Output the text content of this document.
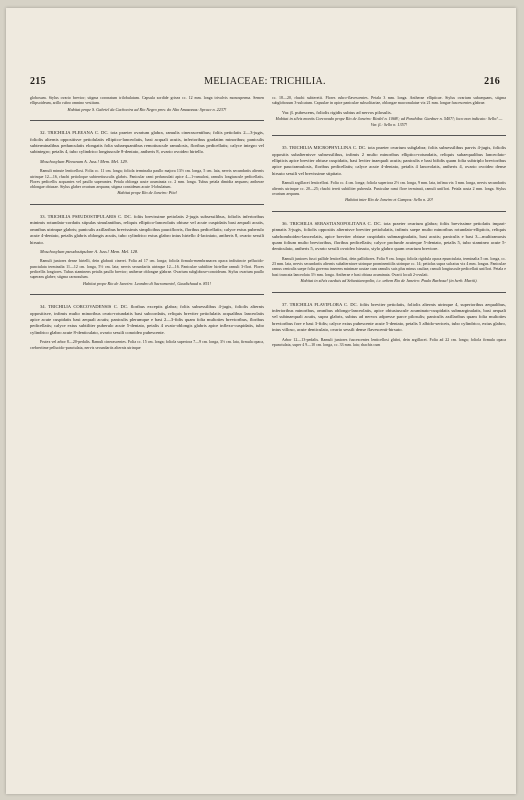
215	MELIACEAE: TRICHILIA.	216

globosum. Stylus ovario brevior; stigma coronatum trilobulatum. Capsula sordide grisea cc. 12 mm. longa trivalvis monosperma. Semen ellipsoideum, arillo rubro omnino vestitum.

Habitat prope S. Gabriel da Cachoeira ad Rio Negro prov. do Alto Amazonas: Spruce n. 2237!

32. TRICHILIA PLEEANA C. DC. tota praeter ovarium glabra, ramulis cinerascentibus; foliis petiolatis 2—3-jugis, foliolis alternis oppositisve petiolulatis elliptico-lanceolatis, basi acquali acutis, inferioribus gradatim minoribus; paniculis subterminalibus pedunculatis elongatis folia subaequantibus remotiuscule ramulosis, floribus pedicellatis; calyce integro vel subintegro; petalis 4, tubo cylindrico longiuscule 8-dentato, antheris 8, ovario ovoideo hirtello.

Moschoxylum Pleeanum A. Juss.! Mem. Mel. 129.

Ramuli minute lenticellosi. Folia cc. 11 cm. longa; foliola terminalia paullo majora 13½ cm. longa, 5 cm. lata, nervis secundariis alternis utrinque 12—16, rhachi petioloque subteretiusculis glabris. Panicular rami pedunculati apice 4—1-ramulosi, ramulis longiuscule pedicellatis. Flores pedicellis acquantes vel paullo superantes. Petala oblonga acute acuminata cc. 2 mm. longa. Tubus petala dimidia aequans; antherae oblongae obtusae. Stylus glaber ovarium aequans; stigma consideum acute 3-lobulatum.

Habitat prope Rio de Janeiro: Pitel

33. TRICHILIA PSEUDOSTIPULARIS C. DC. foliis brevissime petiolatis 2-jugis subsessilibus, foliolis inferioribus minimis rotundato-cordatis stipulas simulantibus, reliquis elliptico-lanceolatis obtuse vel acute cuspidatis basi aequali acutis, omnibus utrinque glabris; paniculis axillaribus brevissimis simplicibus pauciflorris, floribus pedicellatis; calyce extus puberulo acute 4-dentato, petalis glabris oblongis acutis, tubo cylindrico extus glabro intus hirtello 4-laciniato, antheris 8, ovario sessili hirsuto.

Moschoxylum pseudostipulare A. Juss.! Mem. Mel. 128.

Ramuli juniores dense hirtelli, dein glabrati cinerei. Folia ad 17 cm. longa; foliola firmulo-membranacea opaca indistincte pellucido-punctulata terminalia 11—12 cm. longa, 5½ cm. lata; nervis secundariis utrinque 12—16. Paniculae subtiliter hirtellae ramuli 3-flori. Flores pedicellis longiores. Tubus staminens petalis paullo brevior; antherae oblongae glabrae. Ovarium subglobose-conoideum. Stylus ovarium paullo superans glaber; stigma carnosulum.

Habitat prope Rio de Janeiro: Leandro di Sacramento!, Gaudichaud n. 851!

34. TRICHILIA CORCOVADENSIS C. DC. floribus exceptis glabra; foliis subsessilibus 4-jugis, foliolis alternis oppositisve, infimis multo minoribus ovato-rotundatis basi subcordatis, reliquis breviter petiolulatis acqualibus lanceolatis apice acute cuspidatis basi aequali acutis; paniculis plerumque e basi 2—3-fidis quam folia multoties brevioribus, floribus pedicellatis; calyce extus subtiliter puberulo acute 5-dentato, petalis 4 ovato-oblongis glabris apice inflexo-cuspidatis, tubo cylindrico glabro acute 8-denticulato, ovario sessili conoideo pubescente.

Frutex vel arbor 8—20-pedalis. Ramuli cinerascentes. Folia cc. 15 cm. longa; foliola superiora 7—9 cm. longa, 3½ cm. lata, firmula opaca, crebreriime pellucido-punctulata, nervis secundariis alternis utrinque

cc. 18—20, rhachi subteretii. Flores rubro-flavescentes. Petala 3 mm. longa. Antherae ellipticae. Stylus ovarium subaequans, stigma subglobosum 3-sulcatum. Capsulae in apice paniculae subsolitariae, oblongae macronulatae vix 21 mm. longae fuscescentes glabrae.

Var. β. pubescens, foliolis rigidis subtus ad nervos pilosulis.

Habitat in silvis montis Corcovado prope Rio de Janeiro: Riedel n. 1068!; ad Parahiba: Gardner n. 5407!; loco non indicato: Sello! — Var. β.: Sello n. 1357!

35. TRICHILIA MICROPHYLLINA C. DC. tota praeter ovarium subglabra; foliis subsessilibus parvis 4-jugis, foliolis oppositis subalternisve subsessilibus, infimis 2 multo minoribus elliptico-rotundatis, reliquis subaequalibus lanceolato-ellipticis apice breviter obtuse cuspidatis, basi leviter inaequali acutis; paniculis e basi bifidis quam folia subtriplo brevioribus apice pauciramulosis, floribus pedicellatis; calyce acute 4-dentato, petalis 4 lanceolatis, antheris 4, ovario ovoideo dense hirsuto sessili vel brevissime stipitato.

Ramuli argillacei lenticellosi. Folia cc. 4 cm. longa; foliola superiora 2½ cm. longa, 9 mm. lata, infima vix 3 mm. longa, nervis secundariis alternis utrinque cc. 20—25; rhachi tereti subtiliter puberula. Paniculae rami flore terminati, ramuli uniflori. Petala acuta 2 mm. longa. Stylus ovarium aequans.

Habitat inter Rio de Janeiro et Campos: Sello n. 20!

36. TRICHILIA SEBASTIANOPOLITANA C. DC. tota praeter ovarium glabra; foliis brevissime petiolatis impari-pinnatis 3-jugis, foliolis oppositis alternisve breviter petiolulatis, infimis saepe multo minoribus rotundato-ellipticis, reliquis subrhomboideo-lanceolatis, apice breviter obtuse cuspidatis submarginalatis, basi acutis; paniculis e basi 3—multiramosis quam folium multo brevioribus, floribus pedicellatis; calyce profunde acuteque 5-dentato, petalis 5, tubo stamineo acute 5-denticulato, antheris 5, ovario sessili ovoideo hirsuto, stylo glabro quam ovarium breviore.

Ramuli juniores fusci pallide lenticellosi, dein pallidiores. Folia 9 cm. longa; foliola rigidula opaca epunctulata, terminalia 5 cm. longa, cc. 23 mm. lata, nervis secundariis alternis subalterniave utrinque prominentiilis utrinque cc. 14; petiolus supra sulcatus vix 4 mm. longus. Paniculae ramus centralis saepe folia governa inserens minimae acutae cum ramulis suis plus minus cauliae, ramuli longiuscule pedicellati uniflori. Petala e basi truncata lanceolata 3½ mm. longa. Antherae e basi obtusa acuminata. Ovarii loculi 2-ovulati.

Habitat in silvis caeduis ad Sebastianopolin, i.e. urbem Rio de Janeiro: Paulo Barbosa! (in herb. Martii).

37. TRICHILIA FLAVIFLORA C. DC. foliis breviter petiolatis, foliolis alternis utrinque 4, superioribus aequalibus, inferioribus minoribus, omnibus oblongo-lanceolatis, apice obtusiuscule acuminato-cuspidatis submarginalatis, basi aequali vel subinaequali acutis, supra glabris, subtus ad nervos adpresse parce pilosulis; paniculis axillaribus quam folia multoties brevioribus fore e basi 3-fidis; calyce extus pubescente acute 5-dentato, petalis 5 albido-sericeis, tubo cylindrico, extus glabro, intus villoso, acute denticulato, ovario sessili dense flavescenti-hirsuto.

Arbor 12—13-pedalis. Ramuli juniores fuscescentes lenticellosi glabri, dein argillacei. Folia ad 22 cm. longa; foliola firmula opaca epunctulata, super 4 9—10 cm. longa, cc. 33 mm. lata; rhachis cum
